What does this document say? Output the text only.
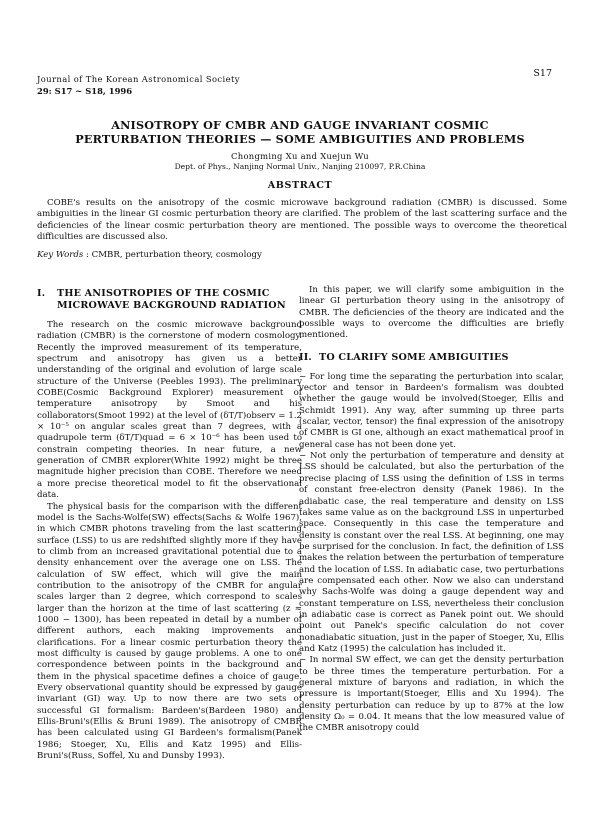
Journal of The Korean Astronomical Society
29: S17 ~ S18, 1996
S17
ANISOTROPY OF CMBR AND GAUGE INVARIANT COSMIC
PERTURBATION THEORIES — SOME AMBIGUITIES AND PROBLEMS
Chongming Xu and Xuejun Wu
Dept. of Phys., Nanjing Normal Univ., Nanjing 210097, P.R.China
ABSTRACT
COBE's results on the anisotropy of the cosmic microwave background radiation (CMBR) is discussed. Some ambiguities in the linear GI cosmic perturbation theory are clarified. The problem of the last scattering surface and the deficiencies of the linear cosmic perturbation theory are mentioned. The possible ways to overcome the theoretical difficulties are discussed also.
Key Words : CMBR, perturbation theory, cosmology
I. THE ANISOTROPIES OF THE COSMIC MICROWAVE BACKGROUND RADIATION

The research on the cosmic microwave background radiation (CMBR) is the cornerstone of modern cosmology. Recently the improved measurement of its temperature, spectrum and anisotropy has given us a better understanding of the original and evolution of large scale structure of the Universe (Peebles 1993). The preliminary COBE(Cosmic Background Explorer) measurement of temperature anisotropy by Smoot and his collaborators(Smoot 1992) at the level of (δT/T)observ = 1.2 × 10⁻⁵ on angular scales great than 7 degrees, with a quadrupole term (δT/T)quad = 6 × 10⁻⁶ has been used to constrain competing theories. In near future, a new generation of CMBR explorer(White 1992) might be three magnitude higher precision than COBE. Therefore we need a more precise theoretical model to fit the observational data.

The physical basis for the comparison with the different model is the Sachs-Wolfe(SW) effects(Sachs & Wolfe 1967), in which CMBR photons traveling from the last scattering surface (LSS) to us are redshifted slightly more if they have to climb from an increased gravitational potential due to a density enhancement over the average one on LSS. The calculation of SW effect, which will give the main contribution to the anisotropy of the CMBR for angular scales larger than 2 degree, which correspond to scales larger than the horizon at the time of last scattering (z ≈ 1000 − 1300), has been repeated in detail by a number of different authors, each making improvements and clarifications. For a linear cosmic perturbation theory the most difficulty is caused by gauge problems. A one to one correspondence between points in the background and them in the physical spacetime defines a choice of gauge. Every observational quantity should be expressed by gauge invariant (GI) way. Up to now there are two sets of successful GI formalism: Bardeen's(Bardeen 1980) and Ellis-Bruni's(Ellis & Bruni 1989). The anisotropy of CMBR has been calculated using GI Bardeen's formalism(Panek 1986; Stoeger, Xu, Ellis and Katz 1995) and Ellis-Bruni's(Russ, Soffel, Xu and Dunsby 1993).

In this paper, we will clarify some ambiguition in the linear GI perturbation theory using in the anisotropy of CMBR. The deficiencies of the theory are indicated and the possible ways to overcome the difficulties are briefly mentioned.

II. TO CLARIFY SOME AMBIGUITIES

− For long time the separating the perturbation into scalar, vector and tensor in Bardeen's formalism was doubted whether the gauge would be involved(Stoeger, Ellis and Schmidt 1991). Any way, after summing up three parts (scalar, vector, tensor) the final expression of the anisotropy of CMBR is GI one, although an exact mathematical proof in general case has not been done yet.

− Not only the perturbation of temperature and density at LSS should be calculated, but also the perturbation of the precise placing of LSS using the definition of LSS in terms of constant free-electron density (Panek 1986). In the adiabatic case, the real temperature and density on LSS takes same value as on the background LSS in unperturbed space. Consequently in this case the temperature and density is constant over the real LSS. At beginning, one may be surprised for the conclusion. In fact, the definition of LSS makes the relation between the perturbation of temperature and the location of LSS. In adiabatic case, two perturbations are compensated each other. Now we also can understand why Sachs-Wolfe was doing a gauge dependent way and constant temperature on LSS, nevertheless their conclusion in adiabatic case is correct as Panek point out. We should point out Panek's specific calculation do not cover nonadiabatic situation, just in the paper of Stoeger, Xu, Ellis and Katz (1995) the calculation has included it.

− In normal SW effect, we can get the density perturbation to be three times the temperature perturbation. For a general mixture of baryons and radiation, in which the pressure is important(Stoeger, Ellis and Xu 1994). The density perturbation can reduce by up to 87% at the low density Ω₀ = 0.04. It means that the low measured value of the CMBR anisotropy could
